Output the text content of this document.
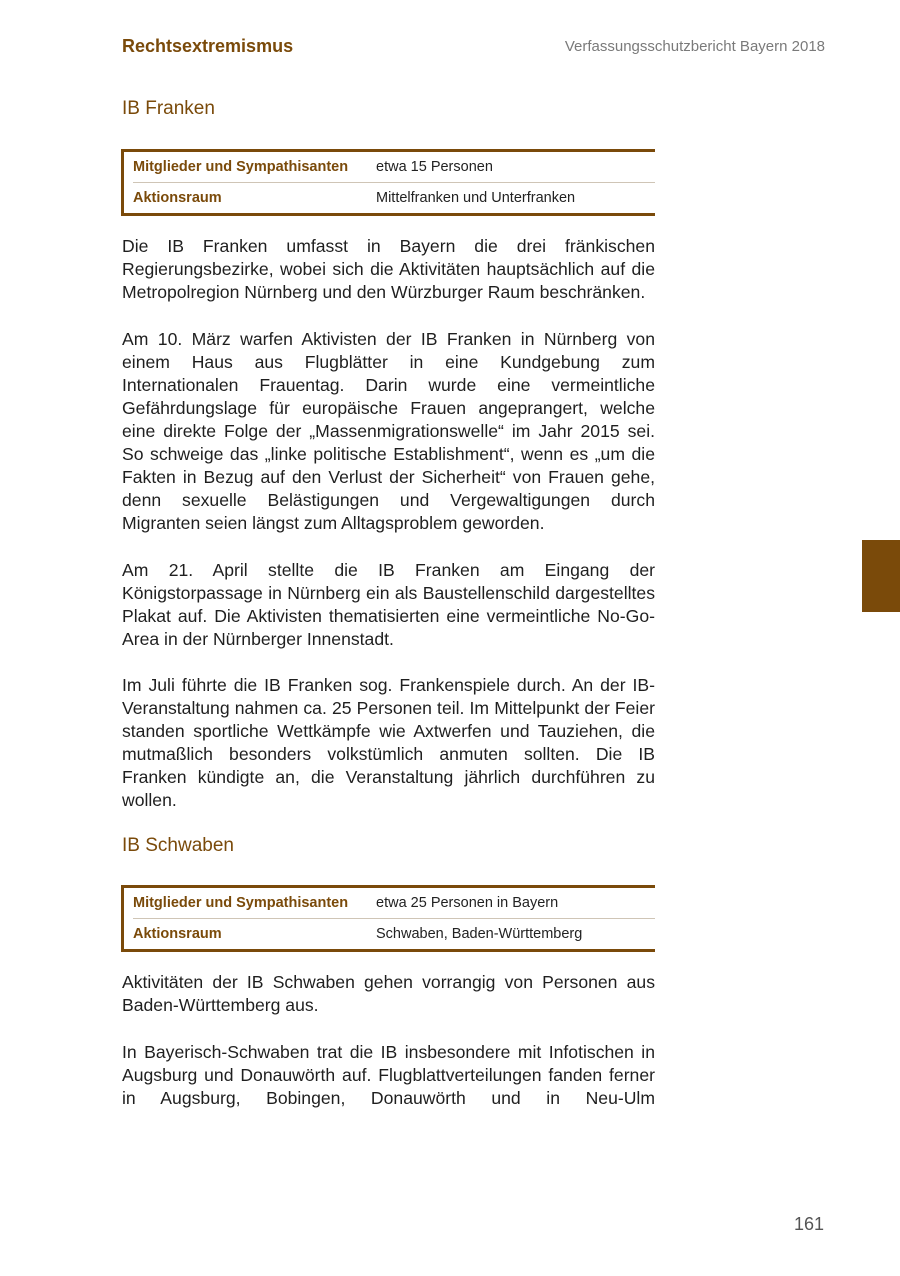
Rechtsextremismus	Verfassungsschutzbericht Bayern 2018
IB Franken
Mitglieder und Sympathisanten	etwa 15 Personen
Aktionsraum	Mittelfranken und Unterfranken

Die IB Franken umfasst in Bayern die drei fränkischen Regierungsbezirke, wobei sich die Aktivitäten hauptsächlich auf die Metropolregion Nürnberg und den Würzburger Raum beschränken.

Am 10. März warfen Aktivisten der IB Franken in Nürnberg von einem Haus aus Flugblätter in eine Kundgebung zum Internationalen Frauentag. Darin wurde eine vermeintliche Gefährdungslage für europäische Frauen angeprangert, welche eine direkte Folge der „Massenmigrationswelle“ im Jahr 2015 sei. So schweige das „linke politische Establishment“, wenn es „um die Fakten in Bezug auf den Verlust der Sicherheit“ von Frauen gehe, denn sexuelle Belästigungen und Vergewaltigungen durch Migranten seien längst zum Alltagsproblem geworden.

Am 21. April stellte die IB Franken am Eingang der Königstorpassage in Nürnberg ein als Baustellenschild dargestelltes Plakat auf. Die Aktivisten thematisierten eine vermeintliche No-Go-Area in der Nürnberger Innenstadt.

Im Juli führte die IB Franken sog. Frankenspiele durch. An der IB-Veranstaltung nahmen ca. 25 Personen teil. Im Mittelpunkt der Feier standen sportliche Wettkämpfe wie Axtwerfen und Tauziehen, die mutmaßlich besonders volkstümlich anmuten sollten. Die IB Franken kündigte an, die Veranstaltung jährlich durchführen zu wollen.

IB Schwaben
Mitglieder und Sympathisanten	etwa 25 Personen in Bayern
Aktionsraum	Schwaben, Baden-Württemberg

Aktivitäten der IB Schwaben gehen vorrangig von Personen aus Baden-Württemberg aus.

In Bayerisch-Schwaben trat die IB insbesondere mit Infotischen in Augsburg und Donauwörth auf. Flugblattverteilungen fanden ferner in Augsburg, Bobingen, Donauwörth und in Neu-Ulm

161
